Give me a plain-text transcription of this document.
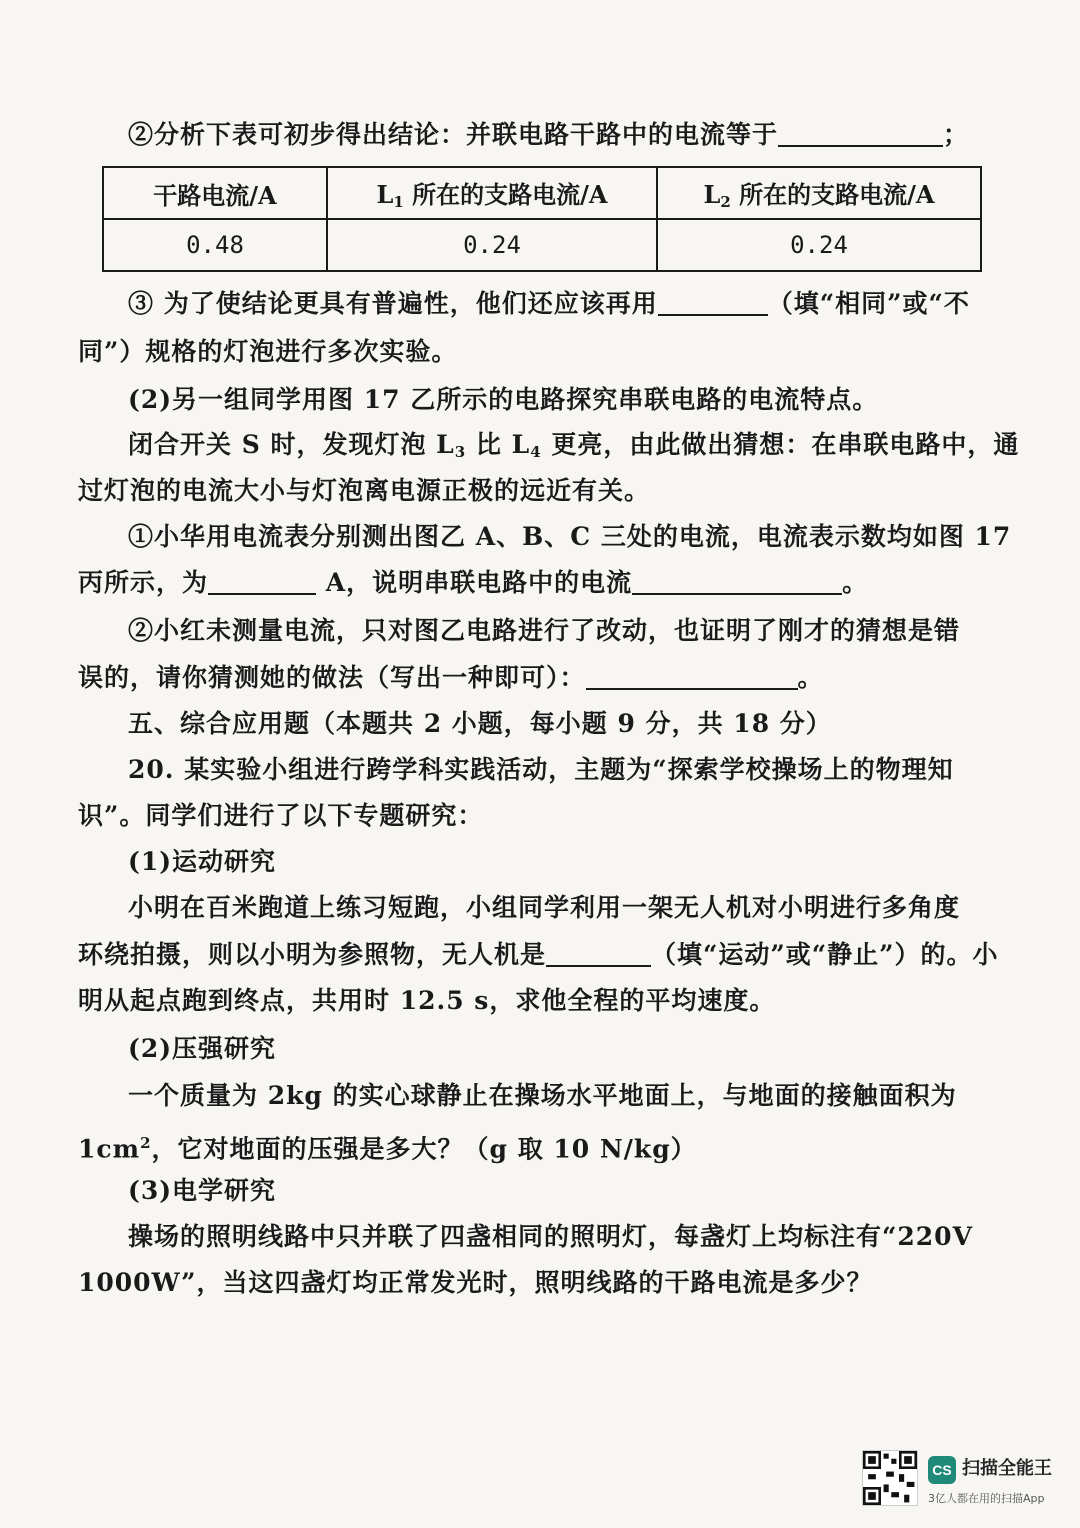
②分析下表可初步得出结论：并联电路干路中的电流等于	；
干路电流/A	$L_1$ 所在的支路电流/A	$L_2$ 所在的支路电流/A
0.48	0.24	0.24
③ 为了使结论更具有普遍性，他们还应该再用	（填“相同”或“不
同”）规格的灯泡进行多次实验。
(2)另一组同学用图 17 乙所示的电路探究串联电路的电流特点。
闭合开关 S 时，发现灯泡 $L_3$ 比 $L_4$ 更亮，由此做出猜想：在串联电路中，通
过灯泡的电流大小与灯泡离电源正极的远近有关。
①小华用电流表分别测出图乙 A、B、C 三处的电流，电流表示数均如图 17
丙所示，为	A，说明串联电路中的电流	。
②小红未测量电流，只对图乙电路进行了改动，也证明了刚才的猜想是错
误的，请你猜测她的做法（写出一种即可）：	。
五、综合应用题（本题共 2 小题，每小题 9 分，共 18 分）
20. 某实验小组进行跨学科实践活动，主题为“探索学校操场上的物理知
识”。同学们进行了以下专题研究：
(1)运动研究
小明在百米跑道上练习短跑，小组同学利用一架无人机对小明进行多角度
环绕拍摄，则以小明为参照物，无人机是	（填“运动”或“静止”）的。小
明从起点跑到终点，共用时 12.5 s，求他全程的平均速度。
(2)压强研究
一个质量为 2kg 的实心球静止在操场水平地面上，与地面的接触面积为
$1cm^2$，它对地面的压强是多大？（g 取 10 N/kg）
(3)电学研究
操场的照明线路中只并联了四盏相同的照明灯，每盏灯上均标注有“220V
1000W”，当这四盏灯均正常发光时，照明线路的干路电流是多少？
CS 扫描全能王
3亿人都在用的扫描App
